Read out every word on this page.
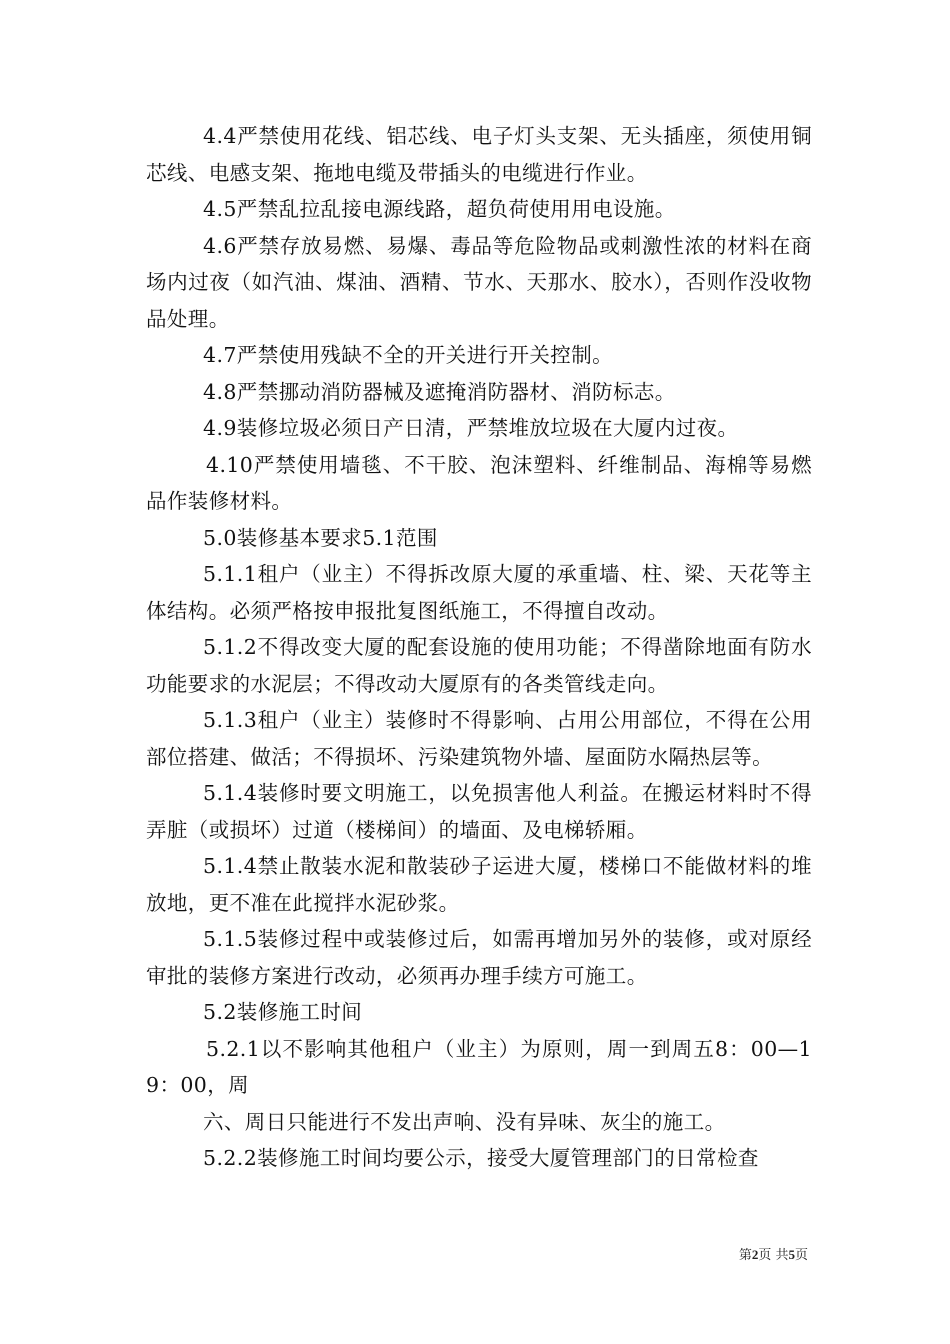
4.4严禁使用花线、铝芯线、电子灯头支架、无头插座，须使用铜芯线、电感支架、拖地电缆及带插头的电缆进行作业。

4.5严禁乱拉乱接电源线路，超负荷使用用电设施。

4.6严禁存放易燃、易爆、毒品等危险物品或刺激性浓的材料在商场内过夜（如汽油、煤油、酒精、节水、天那水、胶水），否则作没收物品处理。

4.7严禁使用残缺不全的开关进行开关控制。

4.8严禁挪动消防器械及遮掩消防器材、消防标志。

4.9装修垃圾必须日产日清，严禁堆放垃圾在大厦内过夜。

4.10严禁使用墙毯、不干胶、泡沫塑料、纤维制品、海棉等易燃品作装修材料。

5.0装修基本要求5.1范围

5.1.1租户（业主）不得拆改原大厦的承重墙、柱、梁、天花等主体结构。必须严格按申报批复图纸施工，不得擅自改动。

5.1.2不得改变大厦的配套设施的使用功能；不得凿除地面有防水功能要求的水泥层；不得改动大厦原有的各类管线走向。

5.1.3租户（业主）装修时不得影响、占用公用部位，不得在公用部位搭建、做活；不得损坏、污染建筑物外墙、屋面防水隔热层等。

5.1.4装修时要文明施工，以免损害他人利益。在搬运材料时不得弄脏（或损坏）过道（楼梯间）的墙面、及电梯轿厢。

5.1.4禁止散装水泥和散装砂子运进大厦，楼梯口不能做材料的堆放地，更不准在此搅拌水泥砂浆。

5.1.5装修过程中或装修过后，如需再增加另外的装修，或对原经审批的装修方案进行改动，必须再办理手续方可施工。

5.2装修施工时间

5.2.1以不影响其他租户（业主）为原则，周一到周五8：00—19：00，周

六、周日只能进行不发出声响、没有异味、灰尘的施工。

5.2.2装修施工时间均要公示，接受大厦管理部门的日常检查

第2页 共5页
